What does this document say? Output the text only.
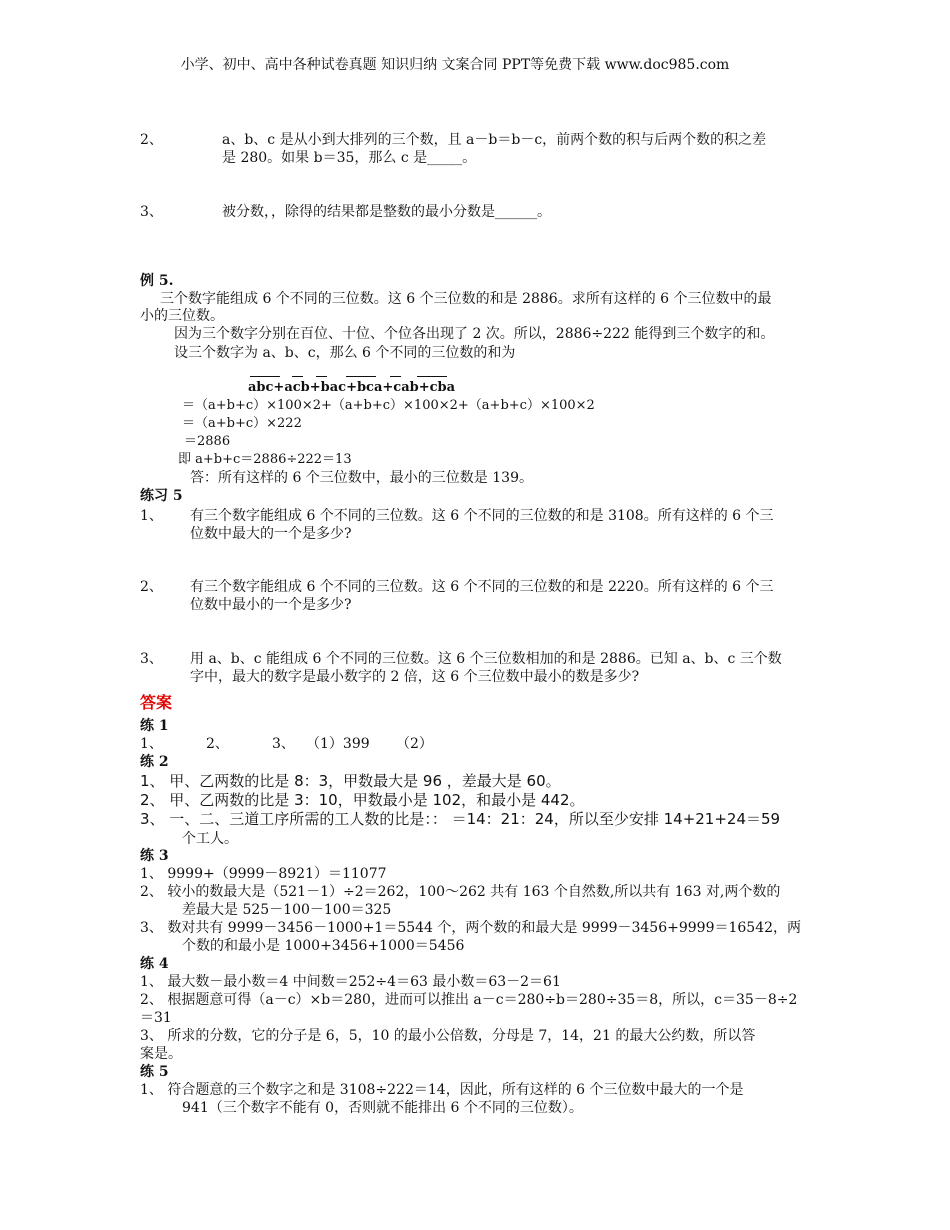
小学、初中、高中各种试卷真题 知识归纳 文案合同 PPT等免费下载 www.doc985.com
2、	a、b、c 是从小到大排列的三个数，且 a－b＝b－c，前两个数的积与后两个数的积之差
是 280。如果 b＝35，那么 c 是_____。
3、	被分数，，除得的结果都是整数的最小分数是______。
例 5.
三个数字能组成 6 个不同的三位数。这 6 个三位数的和是 2886。求所有这样的 6 个三位数中的最
小的三位数。
因为三个数字分别在百位、十位、个位各出现了 2 次。所以，2886÷222 能得到三个数字的和。
设三个数字为 a、b、c，那么 6 个不同的三位数的和为
abc+acb+bac+bca+cab+cba
＝（a+b+c）×100×2+（a+b+c）×100×2+（a+b+c）×100×2
＝（a+b+c）×222
＝2886
即 a+b+c＝2886÷222＝13
答：所有这样的 6 个三位数中，最小的三位数是 139。
练习 5
1、 有三个数字能组成 6 个不同的三位数。这 6 个不同的三位数的和是 3108。所有这样的 6 个三
位数中最大的一个是多少?
2、 有三个数字能组成 6 个不同的三位数。这 6 个不同的三位数的和是 2220。所有这样的 6 个三
位数中最小的一个是多少?
3、 用 a、b、c 能组成 6 个不同的三位数。这 6 个三位数相加的和是 2886。已知 a、b、c 三个数
字中，最大的数字是最小数字的 2 倍，这 6 个三位数中最小的数是多少?
答案
练 1
1、	2、	3、 （1）399 （2）
练 2
1、 甲、乙两数的比是 8：3，甲数最大是 96 ，差最大是 60。
2、 甲、乙两数的比是 3：10，甲数最小是 102，和最小是 442。
3、 一、二、三道工序所需的工人数的比是：： ＝14：21：24，所以至少安排 14+21+24＝59
个工人。
练 3
1、 9999+（9999－8921）＝11077
2、 较小的数最大是（521－1）÷2＝262，100～262 共有 163 个自然数,所以共有 163 对,两个数的
差最大是 525－100－100＝325
3、 数对共有 9999－3456－1000+1＝5544 个，两个数的和最大是 9999－3456+9999＝16542，两
个数的和最小是 1000+3456+1000＝5456
练 4
1、 最大数－最小数＝4 中间数＝252÷4＝63 最小数＝63－2＝61
2、 根据题意可得（a－c）×b＝280，进而可以推出 a－c＝280÷b＝280÷35＝8，所以，c＝35－8÷2
＝31
3、 所求的分数，它的分子是 6，5，10 的最小公倍数，分母是 7，14，21 的最大公约数，所以答
案是。
练 5
1、 符合题意的三个数字之和是 3108÷222＝14，因此，所有这样的 6 个三位数中最大的一个是
941（三个数字不能有 0，否则就不能排出 6 个不同的三位数）。
